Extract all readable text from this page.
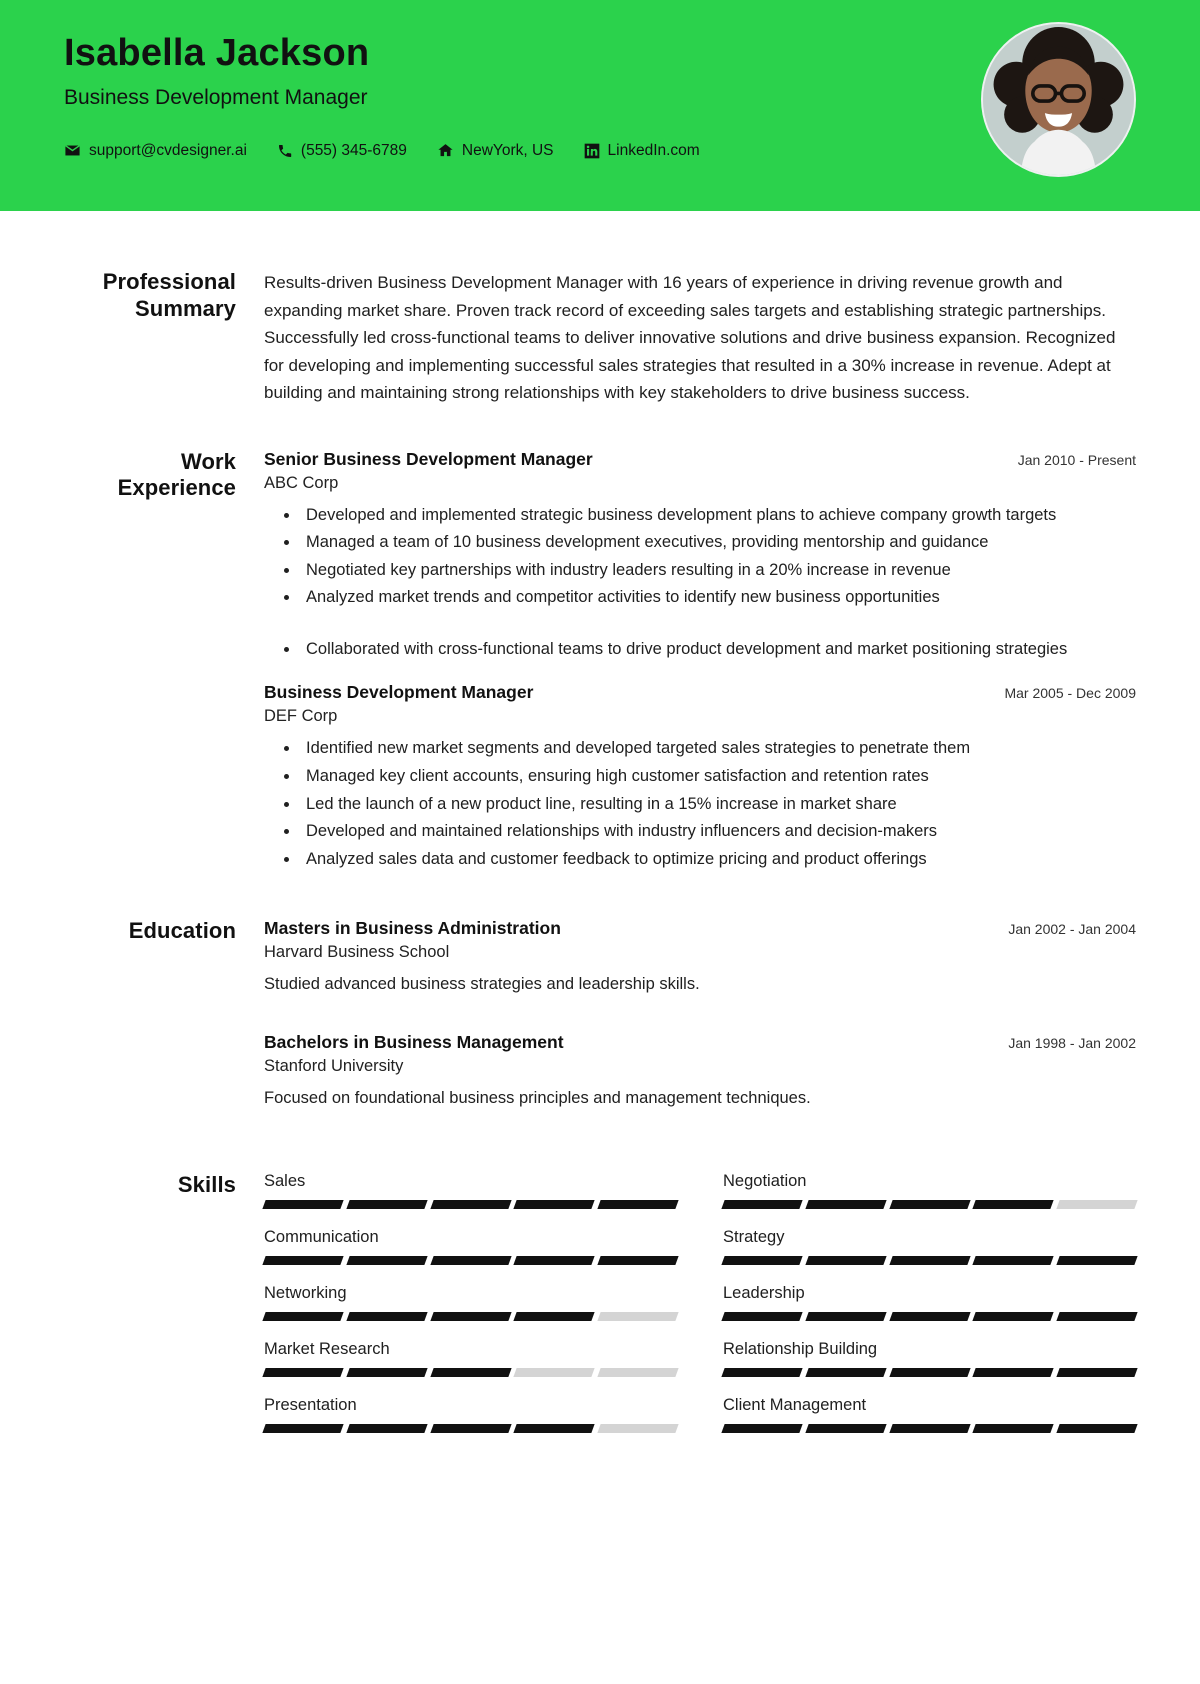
Isabella Jackson
Business Development Manager
support@cvdesigner.ai	(555) 345-6789	NewYork, US	LinkedIn.com
Professional
Summary

Results-driven Business Development Manager with 16 years of experience in driving revenue growth and expanding market share. Proven track record of exceeding sales targets and establishing strategic partnerships. Successfully led cross-functional teams to deliver innovative solutions and drive business expansion. Recognized for developing and implementing successful sales strategies that resulted in a 30% increase in revenue. Adept at building and maintaining strong relationships with key stakeholders to drive business success.

Work
Experience
Senior Business Development Manager	Jan 2010 - Present
ABC Corp
• Developed and implemented strategic business development plans to achieve company growth targets
• Managed a team of 10 business development executives, providing mentorship and guidance
• Negotiated key partnerships with industry leaders resulting in a 20% increase in revenue
• Analyzed market trends and competitor activities to identify new business opportunities
• Collaborated with cross-functional teams to drive product development and market positioning strategies
Business Development Manager	Mar 2005 - Dec 2009
DEF Corp
• Identified new market segments and developed targeted sales strategies to penetrate them
• Managed key client accounts, ensuring high customer satisfaction and retention rates
• Led the launch of a new product line, resulting in a 15% increase in market share
• Developed and maintained relationships with industry influencers and decision-makers
• Analyzed sales data and customer feedback to optimize pricing and product offerings
Education	Masters in Business Administration	Jan 2002 - Jan 2004
Harvard Business School
Studied advanced business strategies and leadership skills.
Bachelors in Business Management	Jan 1998 - Jan 2002
Stanford University
Focused on foundational business principles and management techniques.
Skills	Sales	Negotiation
Communication	Strategy
Networking	Leadership
Market Research	Relationship Building
Presentation	Client Management
